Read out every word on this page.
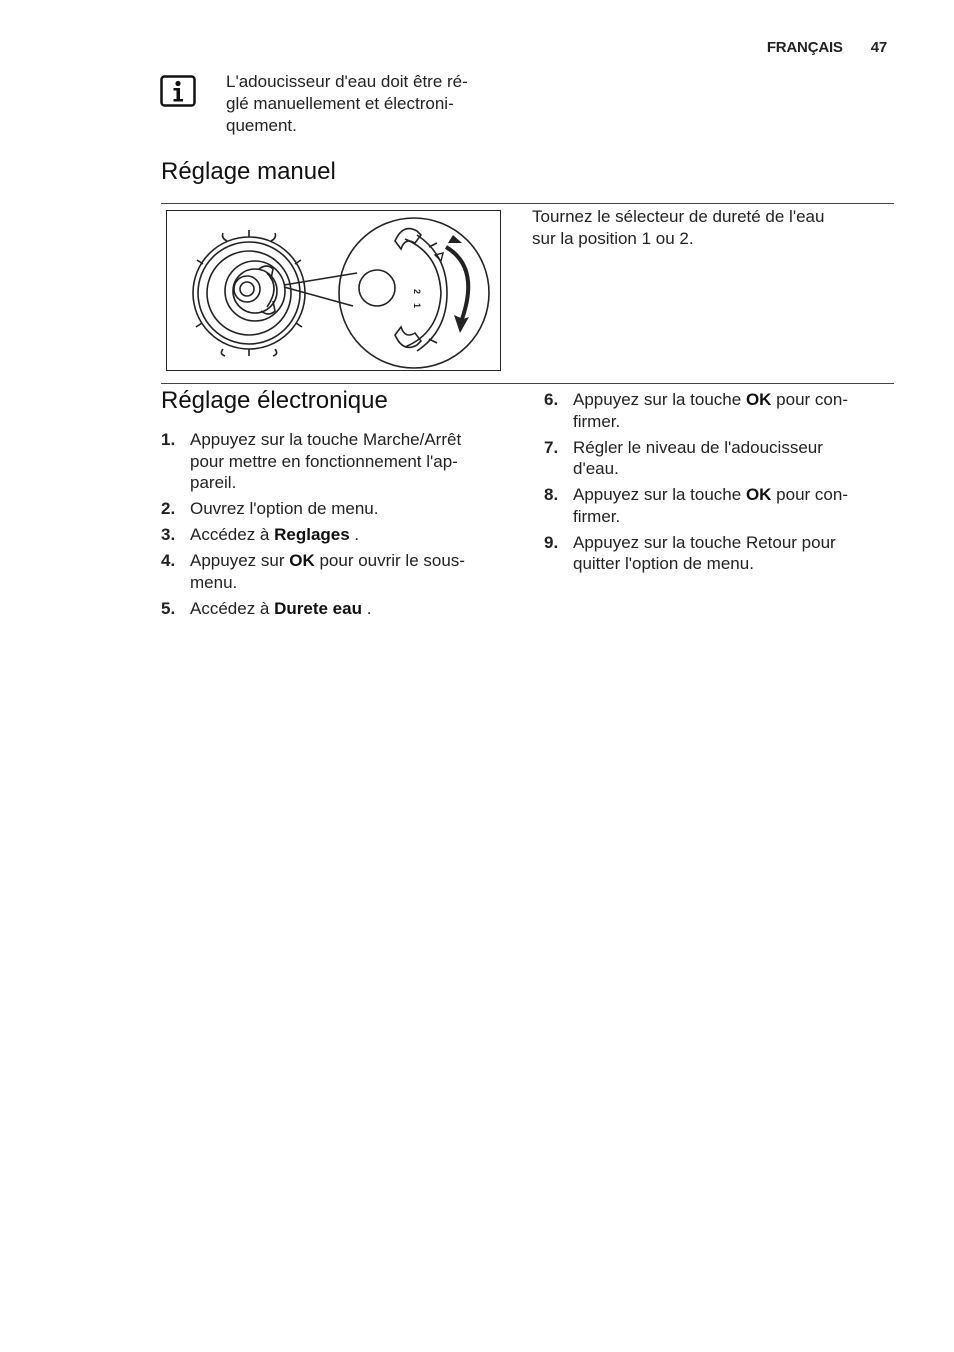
FRANÇAIS 47
L'adoucisseur d'eau doit être ré-
glé manuellement et électroni-
quement.
Réglage manuel
2
1
Tournez le sélecteur de dureté de l'eau
sur la position 1 ou 2.
Réglage électronique
1. Appuyez sur la touche Marche/Arrêt
pour mettre en fonctionnement l'ap-
pareil.
2. Ouvrez l'option de menu.
3. Accédez à Reglages .
4. Appuyez sur OK pour ouvrir le sous-
menu.
5. Accédez à Durete eau .
6. Appuyez sur la touche OK pour con-
firmer.
7. Régler le niveau de l'adoucisseur
d'eau.
8. Appuyez sur la touche OK pour con-
firmer.
9. Appuyez sur la touche Retour pour
quitter l'option de menu.
